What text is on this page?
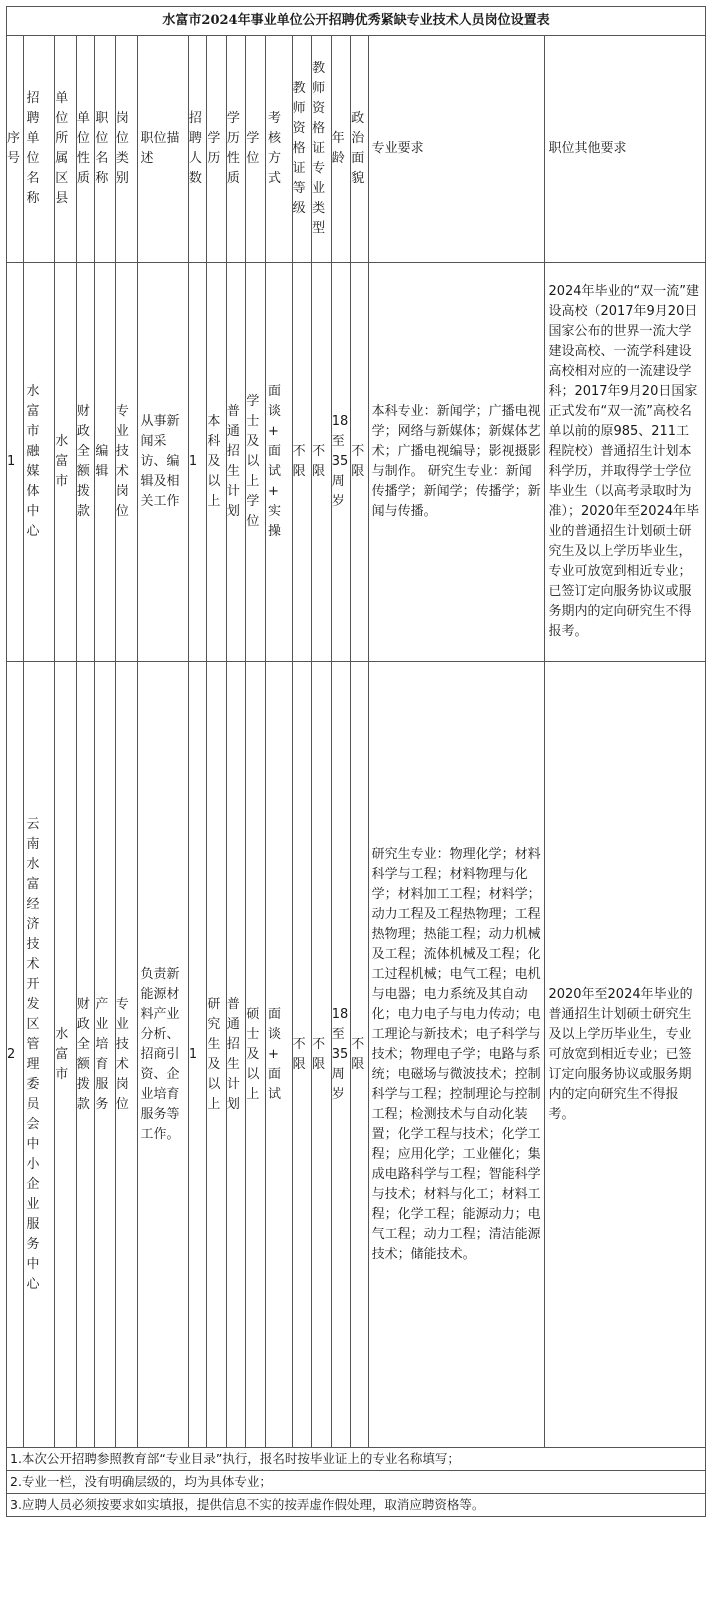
水富市2024年事业单位公开招聘优秀紧缺专业技术人员岗位设置表																	
序号	招聘单位名称	单位所属区县	单位性质	职位名称	岗位类别	职位描述	招聘人数	学历	学历性质	学位	考核方式	教师资格证等级	教师资格证专业类型	年龄	政治面貌	专业要求	职位其他要求
1	水富市融媒体中心	水富市	财政全额拨款	编辑	专业技术岗位	从事新闻采访、编辑及相关工作	1	本科及以上	普通招生计划	学士及以上学位	面谈+面试+实操	不限	不限	18至35周岁	不限	本科专业：新闻学；广播电视学；网络与新媒体；新媒体艺术；广播电视编导；影视摄影与制作。 研究生专业：新闻传播学；新闻学；传播学；新闻与传播。	2024年毕业的“双一流”建设高校（2017年9月20日国家公布的世界一流大学建设高校、一流学科建设高校相对应的一流建设学科；2017年9月20日国家正式发布“双一流”高校名单以前的原985、211工程院校）普通招生计划本科学历，并取得学士学位毕业生（以高考录取时为准）；2020年至2024年毕业的普通招生计划硕士研究生及以上学历毕业生，专业可放宽到相近专业；已签订定向服务协议或服务期内的定向研究生不得报考。
2	云南水富经济技术开发区管理委员会中小企业服务中心	水富市	财政全额拨款	产业培育服务	专业技术岗位	负责新能源材料产业分析、招商引资、企业培育服务等工作。	1	研究生及以上	普通招生计划	硕士及以上	面谈+面试	不限	不限	18至35周岁	不限	研究生专业：物理化学；材料科学与工程；材料物理与化学；材料加工工程；材料学；动力工程及工程热物理；工程热物理；热能工程；动力机械及工程；流体机械及工程；化工过程机械；电气工程；电机与电器；电力系统及其自动化；电力电子与电力传动；电工理论与新技术；电子科学与技术；物理电子学；电路与系统；电磁场与微波技术；控制科学与工程；控制理论与控制工程；检测技术与自动化装置；化学工程与技术；化学工程；应用化学；工业催化；集成电路科学与工程；智能科学与技术；材料与化工；材料工程；化学工程；能源动力；电气工程；动力工程；清洁能源技术；储能技术。	2020年至2024年毕业的普通招生计划硕士研究生及以上学历毕业生，专业可放宽到相近专业；已签订定向服务协议或服务期内的定向研究生不得报考。
1.本次公开招聘参照教育部“专业目录”执行，报名时按毕业证上的专业名称填写；																	
2.专业一栏，没有明确层级的，均为具体专业；																	
3.应聘人员必须按要求如实填报，提供信息不实的按弄虚作假处理，取消应聘资格等。																	
